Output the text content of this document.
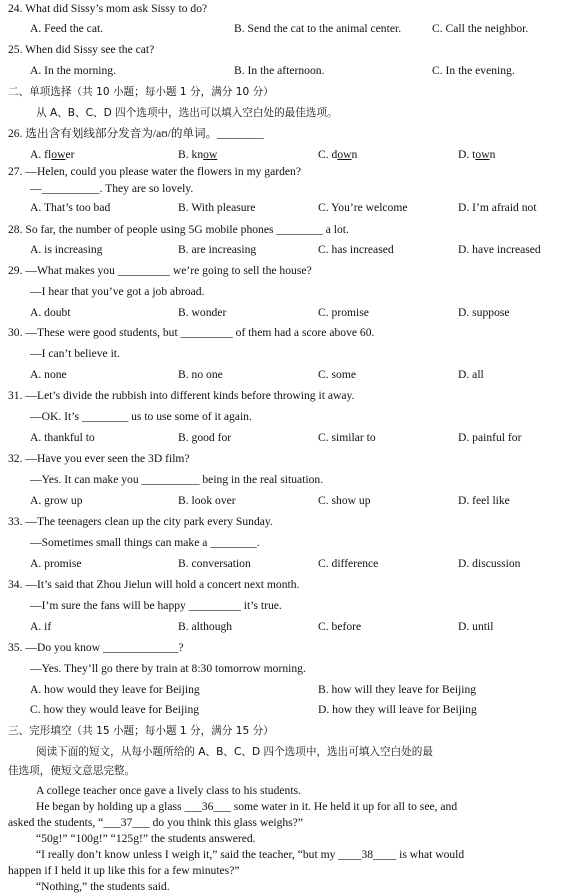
24. What did Sissy’s mom ask Sissy to do?
A. Feed the cat.	B. Send the cat to the animal center.	C. Call the neighbor.
25. When did Sissy see the cat?
A. In the morning.	B. In the afternoon.	C. In the evening.
二、单项选择（共 10 小题；每小题 1 分，满分 10 分）
从 A、B、C、D 四个选项中，选出可以填入空白处的最佳选项。
26. 选出含有划线部分发音为/aʊ/的单词。________
A. flower	B. know	C. down	D. town
27. —Helen, could you please water the flowers in my garden?
—__________. They are so lovely.
A. That’s too bad	B. With pleasure	C. You’re welcome	D. I’m afraid not
28. So far, the number of people using 5G mobile phones ________ a lot.
A. is increasing	B. are increasing	C. has increased	D. have increased
29. —What makes you _________ we’re going to sell the house?
—I hear that you’ve got a job abroad.
A. doubt	B. wonder	C. promise	D. suppose
30. —These were good students, but _________ of them had a score above 60.
—I can’t believe it.
A. none	B. no one	C. some	D. all
31. —Let’s divide the rubbish into different kinds before throwing it away.
—OK. It’s ________ us to use some of it again.
A. thankful to	B. good for	C. similar to	D. painful for
32. —Have you ever seen the 3D film?
—Yes. It can make you __________ being in the real situation.
A. grow up	B. look over	C. show up	D. feel like
33. —The teenagers clean up the city park every Sunday.
—Sometimes small things can make a ________.
A. promise	B. conversation	C. difference	D. discussion
34. —It’s said that Zhou Jielun will hold a concert next month.
—I’m sure the fans will be happy _________ it’s true.
A. if	B. although	C. before	D. until
35. —Do you know _____________?
—Yes. They’ll go there by train at 8:30 tomorrow morning.
A. how would they leave for Beijing	B. how will they leave for Beijing
C. how they would leave for Beijing	D. how they will leave for Beijing
三、完形填空（共 15 小题；每小题 1 分，满分 15 分）
阅读下面的短文，从每小题所给的 A、B、C、D 四个选项中，选出可填入空白处的最
佳选项，使短文意思完整。
A college teacher once gave a lively class to his students.
He began by holding up a glass ___36___ some water in it. He held it up for all to see, and
asked the students, “___37___ do you think this glass weighs?”
“50g!” “100g!” “125g!” the students answered.
“I really don’t know unless I weigh it,” said the teacher, “but my ____38____ is what would
happen if I held it up like this for a few minutes?”
“Nothing,” the students said.
